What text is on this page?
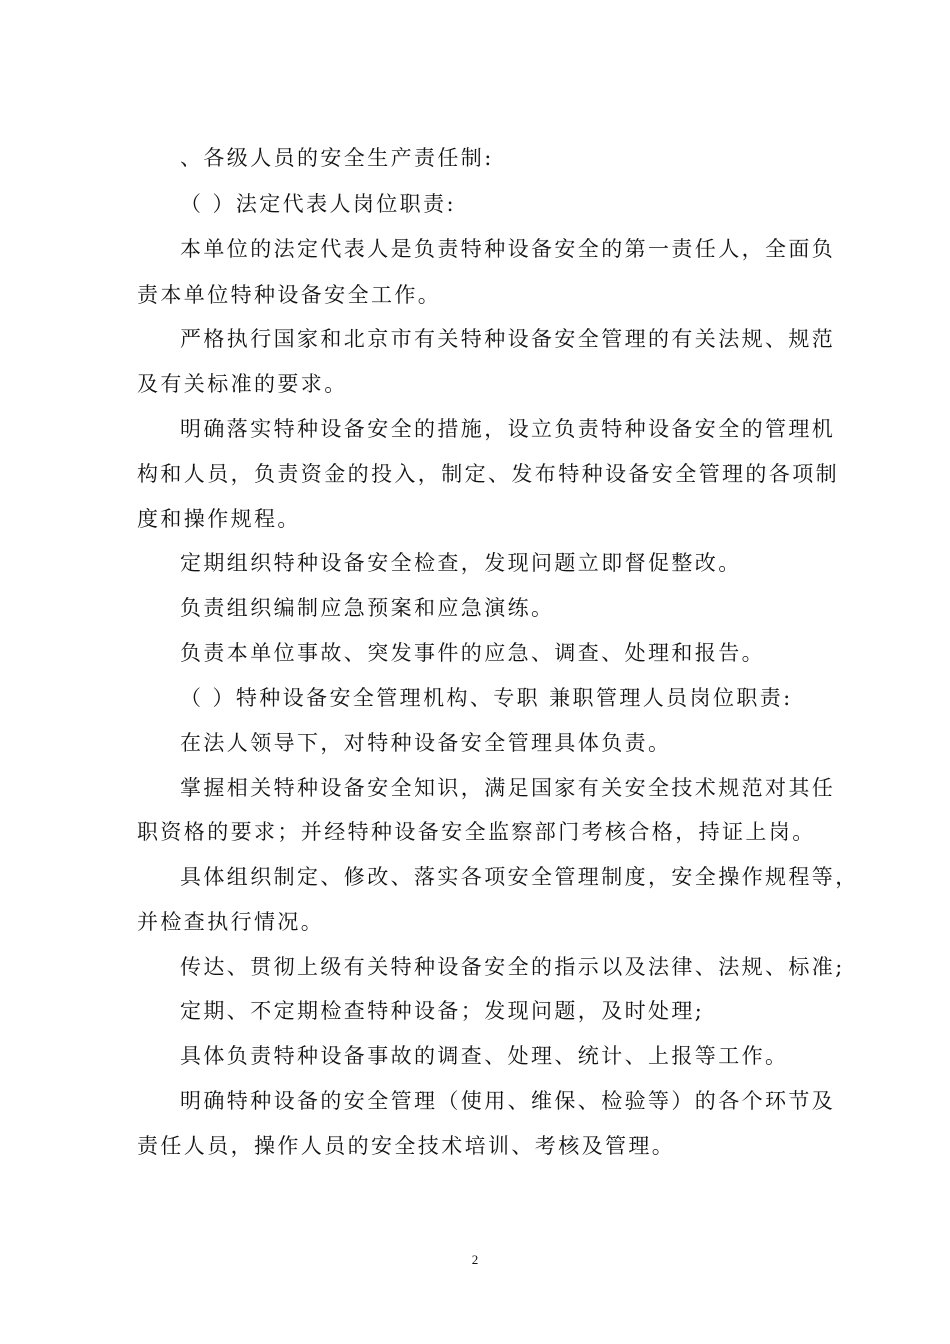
、各级人员的安全生产责任制:
（ ）法定代表人岗位职责:
本单位的法定代表人是负责特种设备安全的第一责任人，全面负
责本单位特种设备安全工作。
严格执行国家和北京市有关特种设备安全管理的有关法规、规范
及有关标准的要求。
明确落实特种设备安全的措施，设立负责特种设备安全的管理机
构和人员，负责资金的投入，制定、发布特种设备安全管理的各项制
度和操作规程。
定期组织特种设备安全检查，发现问题立即督促整改。
负责组织编制应急预案和应急演练。
负责本单位事故、突发事件的应急、调查、处理和报告。
（ ）特种设备安全管理机构、专职 兼职管理人员岗位职责:
在法人领导下，对特种设备安全管理具体负责。
掌握相关特种设备安全知识，满足国家有关安全技术规范对其任
职资格的要求；并经特种设备安全监察部门考核合格，持证上岗。
具体组织制定、修改、落实各项安全管理制度，安全操作规程等，
并检查执行情况。
传达、贯彻上级有关特种设备安全的指示以及法律、法规、标准;
定期、不定期检查特种设备；发现问题，及时处理;
具体负责特种设备事故的调查、处理、统计、上报等工作。
明确特种设备的安全管理（使用、维保、检验等）的各个环节及
责任人员，操作人员的安全技术培训、考核及管理。
2
